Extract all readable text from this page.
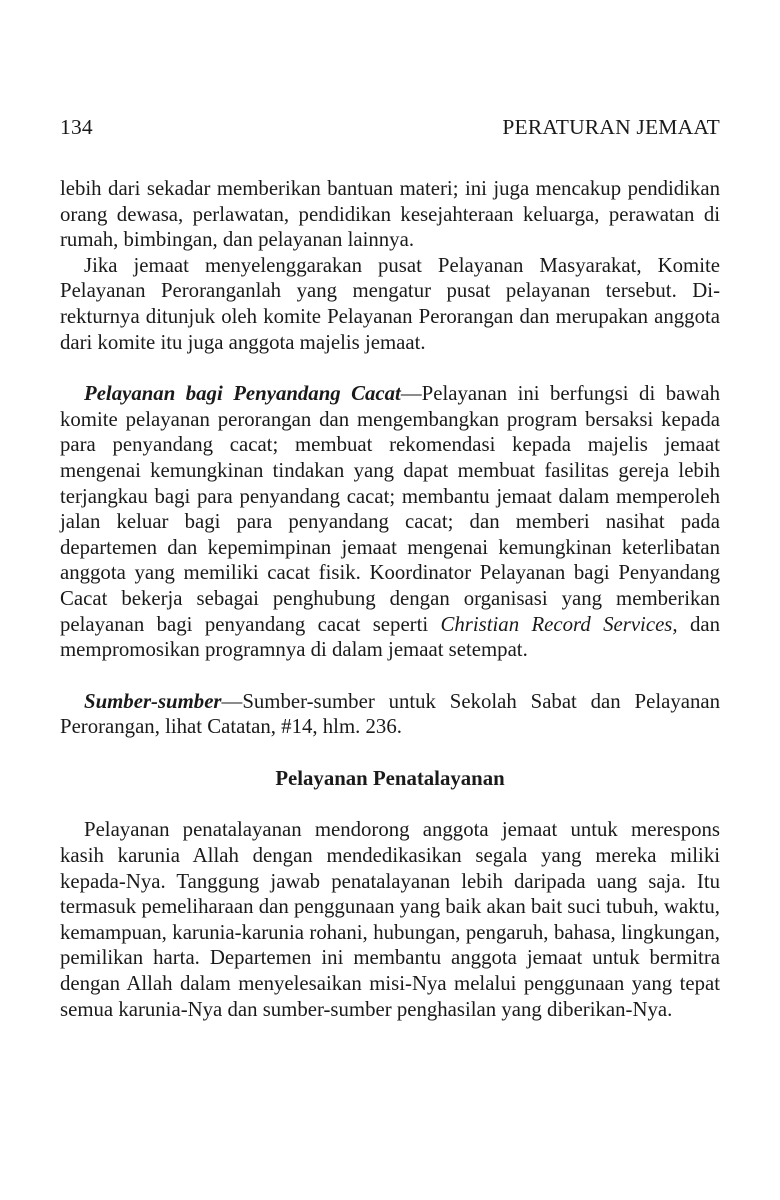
134	PERATURAN JEMAAT

lebih dari sekadar memberikan bantuan materi; ini juga mencakup pendidikan orang dewasa, perlawatan, pendidikan kesejahteraan keluarga, perawatan di rumah, bimbingan, dan pelayanan lainnya.

Jika jemaat menyelenggarakan pusat Pelayanan Masyarakat, Komite Pelayanan Peroranganlah yang mengatur pusat pelayanan tersebut. Direkturnya ditunjuk oleh komite Pelayanan Perorangan dan merupakan anggota dari komite itu juga anggota majelis jemaat.

Pelayanan bagi Penyandang Cacat—Pelayanan ini berfungsi di bawah komite pelayanan perorangan dan mengembangkan program bersaksi kepada para penyandang cacat; membuat rekomendasi kepada majelis jemaat mengenai kemungkinan tindakan yang dapat membuat fasilitas gereja lebih terjangkau bagi para penyandang cacat; membantu jemaat dalam memperoleh jalan keluar bagi para penyandang cacat; dan memberi nasihat pada departemen dan kepemimpinan jemaat mengenai kemungkinan keterlibatan anggota yang memiliki cacat fisik. Koordinator Pelayanan bagi Penyandang Cacat bekerja sebagai penghubung dengan organisasi yang memberikan pelayanan bagi penyandang cacat seperti Christian Record Services, dan mempromosikan programnya di dalam jemaat setempat.

Sumber-sumber—Sumber-sumber untuk Sekolah Sabat dan Pelayanan Perorangan, lihat Catatan, #14, hlm. 236.

Pelayanan Penatalayanan

Pelayanan penatalayanan mendorong anggota jemaat untuk merespons kasih karunia Allah dengan mendedikasikan segala yang mereka miliki kepada-Nya. Tanggung jawab penatalayanan lebih daripada uang saja. Itu termasuk pemeliharaan dan penggunaan yang baik akan bait suci tubuh, waktu, kemampuan, karunia-karunia rohani, hubungan, pengaruh, bahasa, lingkungan, pemilikan harta. Departemen ini membantu anggota jemaat untuk bermitra dengan Allah dalam menyelesaikan misi-Nya melalui penggunaan yang tepat semua karunia-Nya dan sumber-sumber penghasilan yang diberikan-Nya.
